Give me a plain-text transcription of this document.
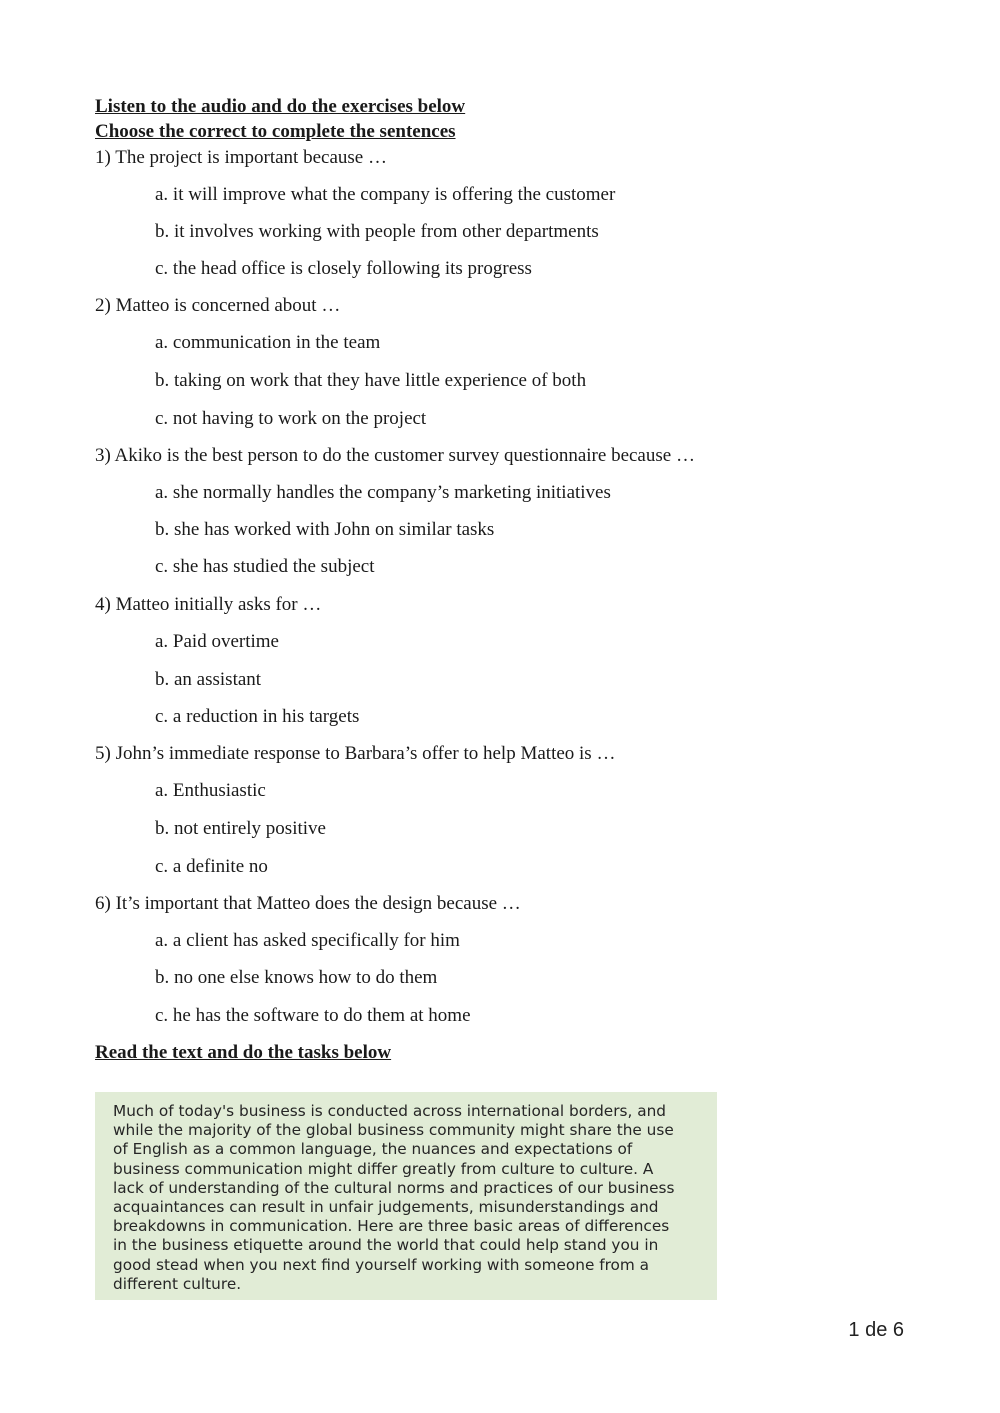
Listen to the audio and do the exercises below
Choose the correct to complete the sentences
1) The project is important because …
a. it will improve what the company is offering the customer
b. it involves working with people from other departments
c. the head office is closely following its progress
2) Matteo is concerned about …
a. communication in the team
b. taking on work that they have little experience of both
c. not having to work on the project
3) Akiko is the best person to do the customer survey questionnaire because …
a. she normally handles the company’s marketing initiatives
b. she has worked with John on similar tasks
c. she has studied the subject
4) Matteo initially asks for …
a. Paid overtime
b. an assistant
c. a reduction in his targets
5) John’s immediate response to Barbara’s offer to help Matteo is …
a. Enthusiastic
b. not entirely positive
c. a definite no
6) It’s important that Matteo does the design because …
a. a client has asked specifically for him
b. no one else knows how to do them
c. he has the software to do them at home
Read the text and do the tasks below
Much of today's business is conducted across international borders, and
while the majority of the global business community might share the use
of English as a common language, the nuances and expectations of
business communication might differ greatly from culture to culture. A
lack of understanding of the cultural norms and practices of our business
acquaintances can result in unfair judgements, misunderstandings and
breakdowns in communication. Here are three basic areas of differences
in the business etiquette around the world that could help stand you in
good stead when you next find yourself working with someone from a
different culture.
1 de 6
